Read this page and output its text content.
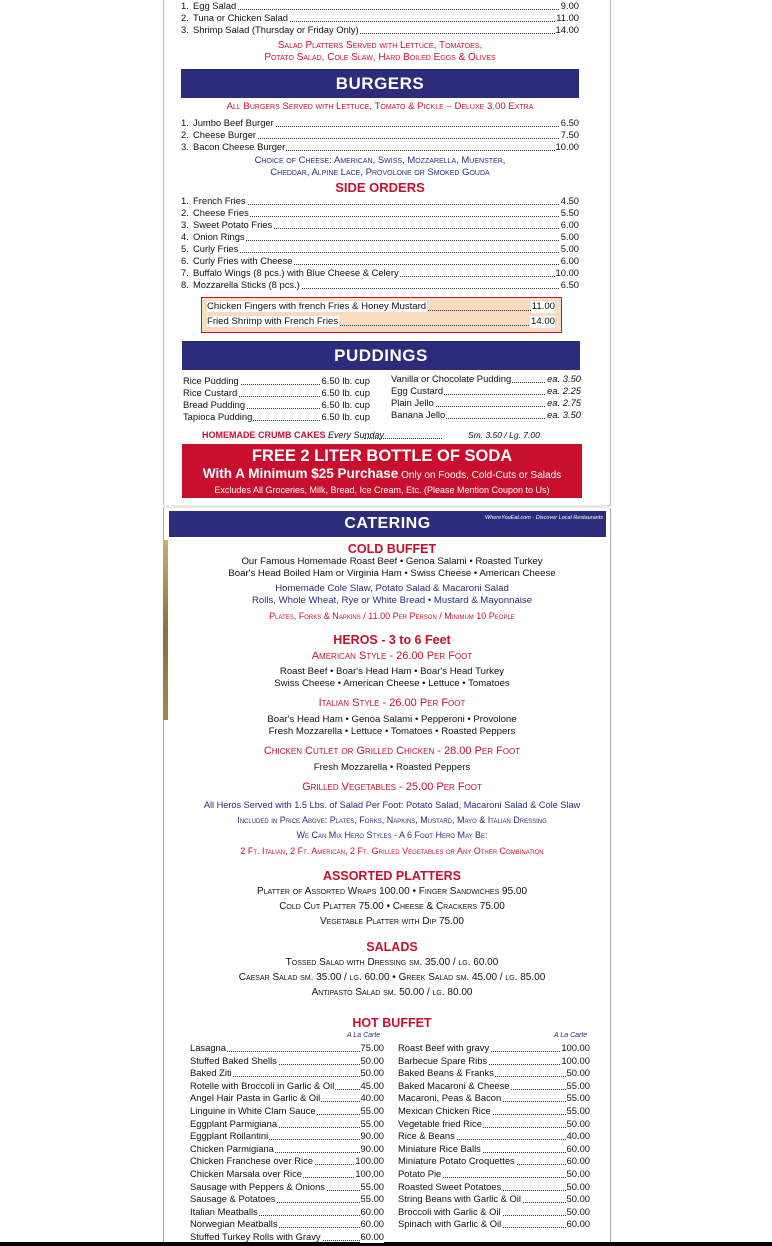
1. Egg Salad	9.00
2. Tuna or Chicken Salad	11.00
3. Shrimp Salad (Thursday or Friday Only)	14.00
Salad Platters Served with Lettuce, Tomatoes,
Potato Salad, Cole Slaw, Hard Boiled Eggs & Olives
BURGERS
All Burgers Served with Lettuce, Tomato & Pickle – Deluxe 3.00 Extra
1. Jumbo Beef Burger	6.50
2. Cheese Burger	7.50
3. Bacon Cheese Burger	10.00
Choice of Cheese: American, Swiss, Mozzarella, Muenster,
Cheddar, Alpine Lace, Provolone or Smoked Gouda
SIDE ORDERS
1. French Fries	4.50
2. Cheese Fries	5.50
3. Sweet Potato Fries	6.00
4. Onion Rings	5.00
5. Curly Fries	5.00
6. Curly Fries with Cheese	6.00
7. Buffalo Wings (8 pcs.) with Blue Cheese & Celery	10.00
8. Mozzarella Sticks (8 pcs.)	6.50
Chicken Fingers with french Fries & Honey Mustard	11.00
Fried Shrimp with French Fries	14.00
PUDDINGS
Rice Pudding	6.50 lb. cup
Rice Custard	6.50 lb. cup
Bread Pudding	6.50 lb. cup
Tapioca Pudding	6.50 lb. cup
Vanilla or Chocolate Pudding	ea. 3.50
Egg Custard	ea. 2.25
Plain Jello	ea. 2.75
Banana Jello	ea. 3.50
HOMEMADE CRUMB CAKES Every Sunday	Sm. 3.50 / Lg. 7.00
FREE 2 LITER BOTTLE OF SODA
With A Minimum $25 Purchase Only on Foods, Cold-Cuts or Salads
Excludes All Groceries, Milk, Bread, Ice Cream, Etc. (Please Mention Coupon to Us)
CATERING	WhereYouEat.com · Discover Local Restaurants
COLD BUFFET
Our Famous Homemade Roast Beef • Genoa Salami • Roasted Turkey
Boar's Head Boiled Ham or Virginia Ham • Swiss Cheese • American Cheese
Homemade Cole Slaw, Potato Salad & Macaroni Salad
Rolls, Whole Wheat, Rye or White Bread • Mustard & Mayonnaise
Plates, Forks & Napkins / 11.00 Per Person / Minimum 10 People
HEROS - 3 to 6 Feet
American Style - 26.00 Per Foot
Roast Beef • Boar's Head Ham • Boar's Head Turkey
Swiss Cheese • American Cheese • Lettuce • Tomatoes
Italian Style - 26.00 Per Foot
Boar's Head Ham • Genoa Salami • Pepperoni • Provolone
Fresh Mozzarella • Lettuce • Tomatoes • Roasted Peppers
Chicken Cutlet or Grilled Chicken - 28.00 Per Foot
Fresh Mozzarella • Roasted Peppers
Grilled Vegetables - 25.00 Per Foot
All Heros Served with 1.5 Lbs. of Salad Per Foot: Potato Salad, Macaroni Salad & Cole Slaw
Included in Price Above: Plates, Forks, Napkins, Mustard, Mayo & Italian Dressing
We Can Mix Hero Styles - A 6 Foot Hero May Be:
2 Ft. Italian, 2 Ft. American, 2 Ft. Grilled Vegetables or Any Other Combination
ASSORTED PLATTERS
Platter of Assorted Wraps 100.00 • Finger Sandwiches 95.00
Cold Cut Platter 75.00 • Cheese & Crackers 75.00
Vegetable Platter with Dip 75.00
SALADS
Tossed Salad with Dressing sm. 35.00 / lg. 60.00
Caesar Salad sm. 35.00 / lg. 60.00 • Greek Salad sm. 45.00 / lg. 85.00
Antipasto Salad sm. 50.00 / lg. 80.00
HOT BUFFET
A La Carte	A La Carte
Lasagna	75.00
Stuffed Baked Shells	50.00
Baked Ziti	50.00
Rotelle with Broccoli in Garlic & Oil	45.00
Angel Hair Pasta in Garlic & Oil	40.00
Linguine in White Clam Sauce	55.00
Eggplant Parmigiana	55.00
Eggplant Rollantini	90.00
Chicken Parmigiana	90.00
Chicken Franchese over Rice	100.00
Chicken Marsala over Rice	100.00
Sausage with Peppers & Onions	55.00
Sausage & Potatoes	55.00
Italian Meatballs	60.00
Norwegian Meatballs	60.00
Stuffed Turkey Rolls with Gravy	60.00
Roast Beef with gravy	100.00
Barbecue Spare Ribs	100.00
Baked Beans & Franks	50.00
Baked Macaroni & Cheese	55.00
Macaroni, Peas & Bacon	55.00
Mexican Chicken Rice	55.00
Vegetable fried Rice	50.00
Rice & Beans	40.00
Miniature Rice Balls	60.00
Miniature Potato Croquettes	60.00
Potato Pie	50.00
Roasted Sweet Potatoes	50.00
String Beans with Garlic & Oil	50.00
Broccoli with Garlic & Oil	50.00
Spinach with Garlic & Oil	60.00
